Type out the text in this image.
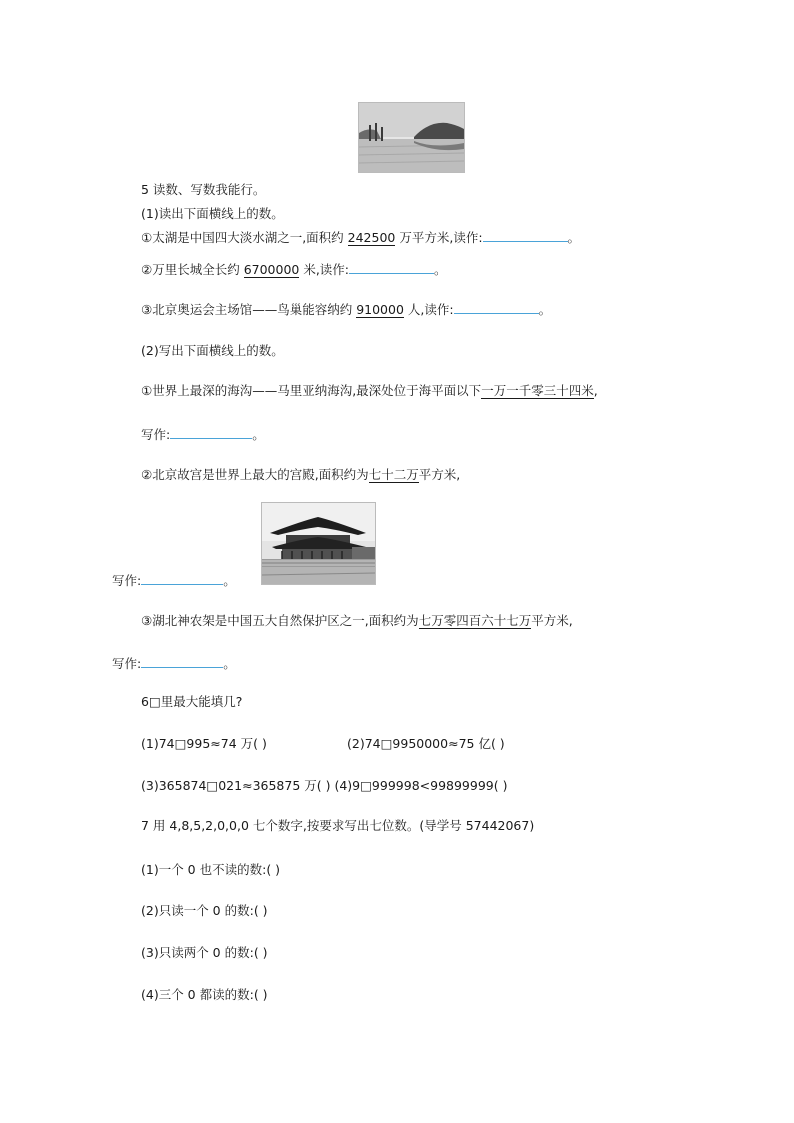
5 读数、写数我能行。
(1)读出下面横线上的数。
①太湖是中国四大淡水湖之一,面积约 242500 万平方米,读作:	。
②万里长城全长约 6700000 米,读作:	。
③北京奥运会主场馆——鸟巢能容纳约 910000 人,读作:	。
(2)写出下面横线上的数。
①世界上最深的海沟——马里亚纳海沟,最深处位于海平面以下一万一千零三十四米,
写作:	。
②北京故宫是世界上最大的宫殿,面积约为七十二万平方米,
写作:	。
③湖北神农架是中国五大自然保护区之一,面积约为七万零四百六十七万平方米,
写作:	。
6□里最大能填几?
(1)74□995≈74 万( )	(2)74□9950000≈75 亿( )
(3)365874□021≈365875 万( ) (4)9□999998<99899999( )
7 用 4,8,5,2,0,0,0 七个数字,按要求写出七位数。(导学号 57442067)
(1)一个 0 也不读的数:( )
(2)只读一个 0 的数:( )
(3)只读两个 0 的数:( )
(4)三个 0 都读的数:( )
